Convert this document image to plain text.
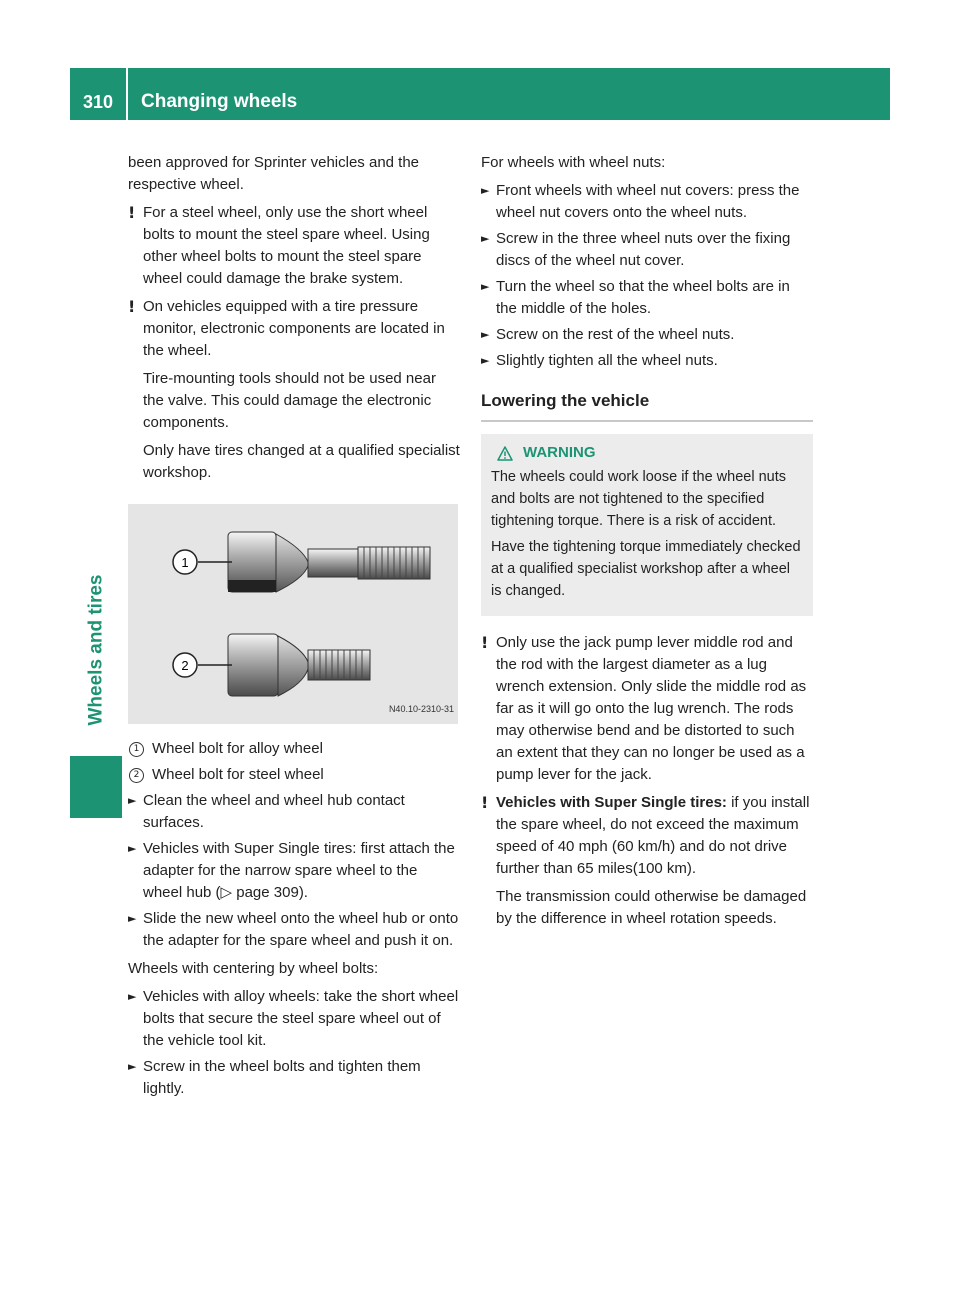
310	Changing wheels
Wheels and tires

been approved for Sprinter vehicles and the respective wheel.

! For a steel wheel, only use the short wheel bolts to mount the steel spare wheel. Using other wheel bolts to mount the steel spare wheel could damage the brake system.
! On vehicles equipped with a tire pressure monitor, electronic components are located in the wheel.

Tire-mounting tools should not be used near the valve. This could damage the electronic components.

Only have tires changed at a qualified specialist workshop.

1
2
N40.10-2310-31
1 Wheel bolt for alloy wheel
2 Wheel bolt for steel wheel
► Clean the wheel and wheel hub contact surfaces.
► Vehicles with Super Single tires: first attach the adapter for the narrow spare wheel to the wheel hub (▷ page 309).
► Slide the new wheel onto the wheel hub or onto the adapter for the spare wheel and push it on.

Wheels with centering by wheel bolts:

► Vehicles with alloy wheels: take the short wheel bolts that secure the steel spare wheel out of the vehicle tool kit.
► Screw in the wheel bolts and tighten them lightly.

For wheels with wheel nuts:

► Front wheels with wheel nut covers: press the wheel nut covers onto the wheel nuts.
► Screw in the three wheel nuts over the fixing discs of the wheel nut cover.
► Turn the wheel so that the wheel bolts are in the middle of the holes.
► Screw on the rest of the wheel nuts.
► Slightly tighten all the wheel nuts.
Lowering the vehicle
WARNING

The wheels could work loose if the wheel nuts and bolts are not tightened to the specified tightening torque. There is a risk of accident.

Have the tightening torque immediately checked at a qualified specialist workshop after a wheel is changed.

! Only use the jack pump lever middle rod and the rod with the largest diameter as a lug wrench extension. Only slide the middle rod as far as it will go onto the lug wrench. The rods may otherwise bend and be distorted to such an extent that they can no longer be used as a pump lever for the jack.
! Vehicles with Super Single tires: if you install the spare wheel, do not exceed the maximum speed of 40 mph (60 km/h) and do not drive further than 65 miles(100 km).

The transmission could otherwise be damaged by the difference in wheel rotation speeds.
